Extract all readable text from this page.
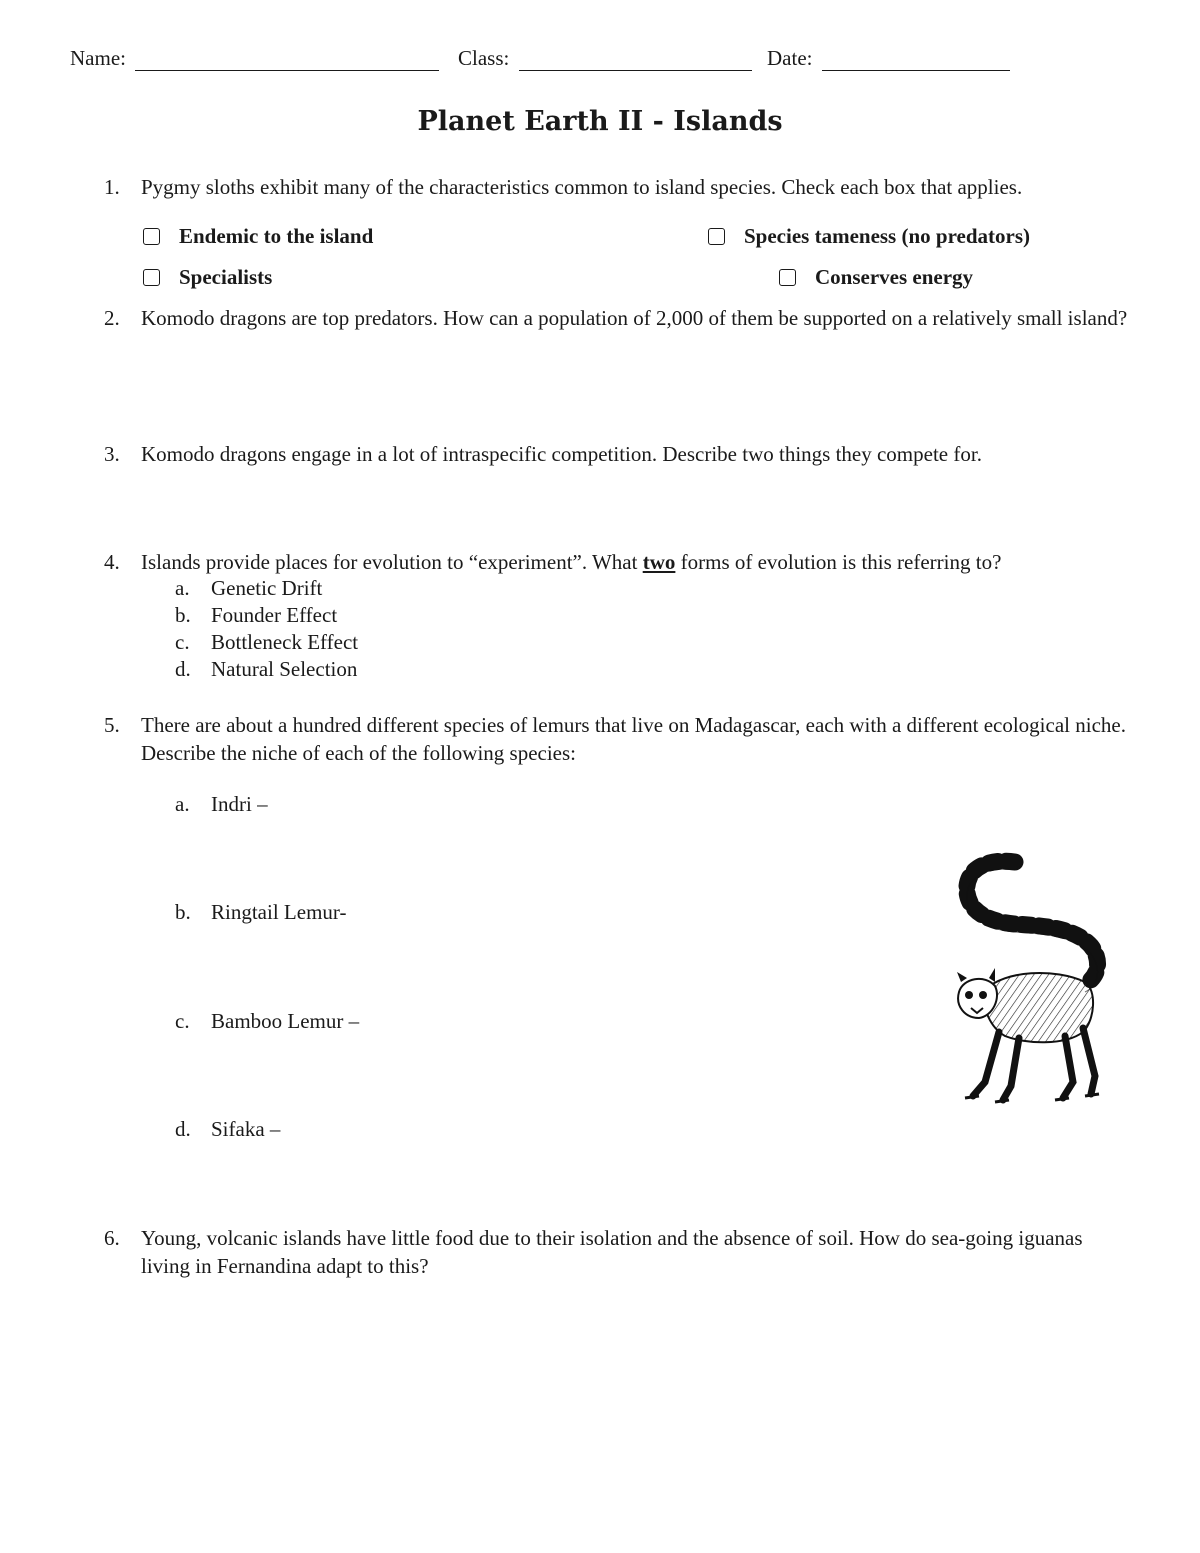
Name:	Class:	Date:
Planet Earth II - Islands
1. Pygmy sloths exhibit many of the characteristics common to island species. Check each box that applies.
Endemic to the island	Species tameness (no predators)
Specialists	Conserves energy
2. Komodo dragons are top predators. How can a population of 2,000 of them be supported on a relatively small island?
3. Komodo dragons engage in a lot of intraspecific competition. Describe two things they compete for.
4. Islands provide places for evolution to “experiment”. What two forms of evolution is this referring to?
a. Genetic Drift
b. Founder Effect
c. Bottleneck Effect
d. Natural Selection
5. There are about a hundred different species of lemurs that live on Madagascar, each with a different ecological niche. Describe the niche of each of the following species:
a. Indri –
b. Ringtail Lemur-
c. Bamboo Lemur –
d. Sifaka –
6. Young, volcanic islands have little food due to their isolation and the absence of soil. How do sea-going iguanas living in Fernandina adapt to this?
